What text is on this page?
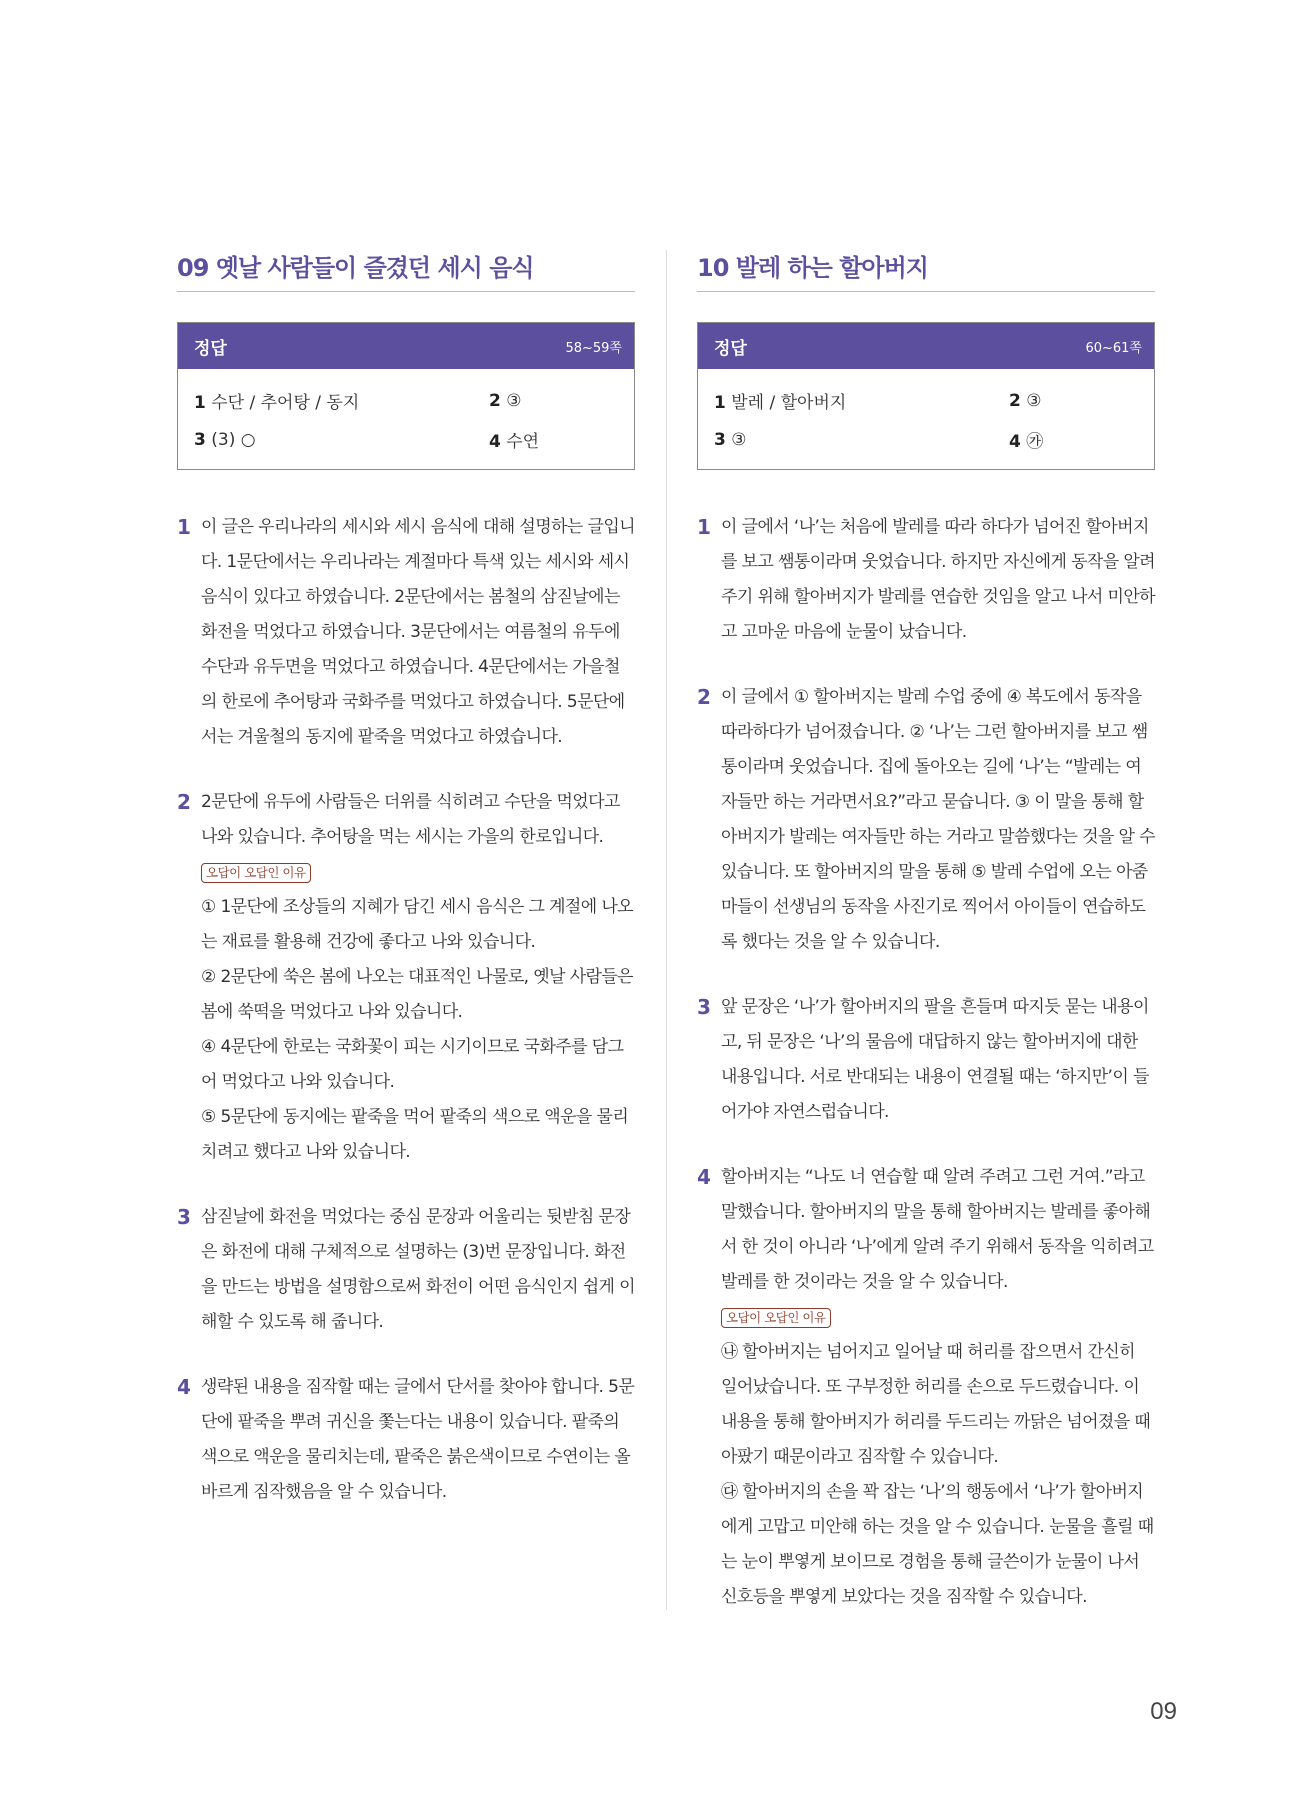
09 옛날 사람들이 즐겼던 세시 음식
정답	58~59쪽
1 수단 / 추어탕 / 동지	2 ③
3 (3) ○	4 수연
1 이 글은 우리나라의 세시와 세시 음식에 대해 설명하는 글입니다. 1문단에서는 우리나라는 계절마다 특색 있는 세시와 세시 음식이 있다고 하였습니다. 2문단에서는 봄철의 삼짇날에는 화전을 먹었다고 하였습니다. 3문단에서는 여름철의 유두에 수단과 유두면을 먹었다고 하였습니다. 4문단에서는 가을철의 한로에 추어탕과 국화주를 먹었다고 하였습니다. 5문단에서는 겨울철의 동지에 팥죽을 먹었다고 하였습니다.

2 2문단에 유두에 사람들은 더위를 식히려고 수단을 먹었다고 나와 있습니다. 추어탕을 먹는 세시는 가을의 한로입니다.

오답이 오답인 이유

① 1문단에 조상들의 지혜가 담긴 세시 음식은 그 계절에 나오는 재료를 활용해 건강에 좋다고 나와 있습니다.

② 2문단에 쑥은 봄에 나오는 대표적인 나물로, 옛날 사람들은 봄에 쑥떡을 먹었다고 나와 있습니다.

④ 4문단에 한로는 국화꽃이 피는 시기이므로 국화주를 담그어 먹었다고 나와 있습니다.

⑤ 5문단에 동지에는 팥죽을 먹어 팥죽의 색으로 액운을 물리치려고 했다고 나와 있습니다.

3 삼짇날에 화전을 먹었다는 중심 문장과 어울리는 뒷받침 문장은 화전에 대해 구체적으로 설명하는 (3)번 문장입니다. 화전을 만드는 방법을 설명함으로써 화전이 어떤 음식인지 쉽게 이해할 수 있도록 해 줍니다.

4 생략된 내용을 짐작할 때는 글에서 단서를 찾아야 합니다. 5문단에 팥죽을 뿌려 귀신을 쫓는다는 내용이 있습니다. 팥죽의 색으로 액운을 물리치는데, 팥죽은 붉은색이므로 수연이는 올바르게 짐작했음을 알 수 있습니다.

10 발레 하는 할아버지
정답	60~61쪽
1 발레 / 할아버지	2 ③
3 ③	4 ㉮
1 이 글에서 ‘나’는 처음에 발레를 따라 하다가 넘어진 할아버지를 보고 쌤통이라며 웃었습니다. 하지만 자신에게 동작을 알려 주기 위해 할아버지가 발레를 연습한 것임을 알고 나서 미안하고 고마운 마음에 눈물이 났습니다.

2 이 글에서 ① 할아버지는 발레 수업 중에 ④ 복도에서 동작을 따라하다가 넘어졌습니다. ② ‘나’는 그런 할아버지를 보고 쌤통이라며 웃었습니다. 집에 돌아오는 길에 ‘나’는 “발레는 여자들만 하는 거라면서요?”라고 묻습니다. ③ 이 말을 통해 할아버지가 발레는 여자들만 하는 거라고 말씀했다는 것을 알 수 있습니다. 또 할아버지의 말을 통해 ⑤ 발레 수업에 오는 아줌마들이 선생님의 동작을 사진기로 찍어서 아이들이 연습하도록 했다는 것을 알 수 있습니다.

3 앞 문장은 ‘나’가 할아버지의 팔을 흔들며 따지듯 묻는 내용이고, 뒤 문장은 ‘나’의 물음에 대답하지 않는 할아버지에 대한 내용입니다. 서로 반대되는 내용이 연결될 때는 ‘하지만’이 들어가야 자연스럽습니다.

4 할아버지는 “나도 너 연습할 때 알려 주려고 그런 거여.”라고 말했습니다. 할아버지의 말을 통해 할아버지는 발레를 좋아해서 한 것이 아니라 ‘나’에게 알려 주기 위해서 동작을 익히려고 발레를 한 것이라는 것을 알 수 있습니다.

오답이 오답인 이유

㉯ 할아버지는 넘어지고 일어날 때 허리를 잡으면서 간신히 일어났습니다. 또 구부정한 허리를 손으로 두드렸습니다. 이 내용을 통해 할아버지가 허리를 두드리는 까닭은 넘어졌을 때 아팠기 때문이라고 짐작할 수 있습니다.

㉰ 할아버지의 손을 꽉 잡는 ‘나’의 행동에서 ‘나’가 할아버지에게 고맙고 미안해 하는 것을 알 수 있습니다. 눈물을 흘릴 때는 눈이 뿌옇게 보이므로 경험을 통해 글쓴이가 눈물이 나서 신호등을 뿌옇게 보았다는 것을 짐작할 수 있습니다.

09
